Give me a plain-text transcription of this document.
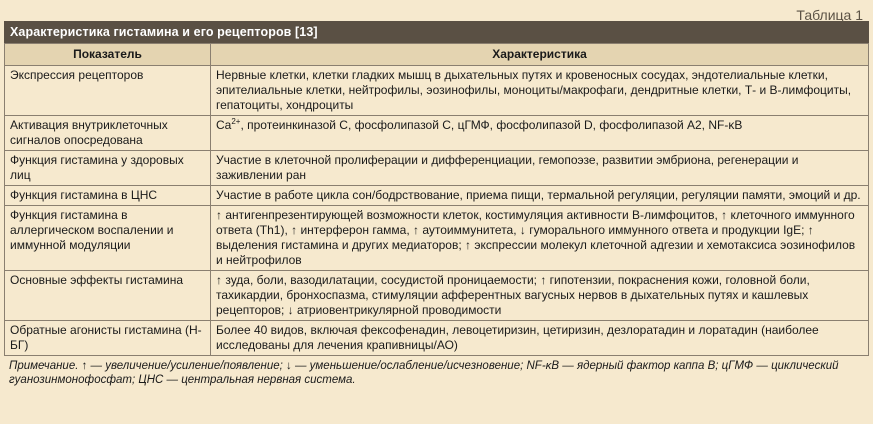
Таблица 1
Характеристика гистамина и его рецепторов [13]
Показатель	Характеристика
Экспрессия рецепторов	Нервные клетки, клетки гладких мышц в дыхательных путях и кровеносных сосудах, эндотелиальные клетки, эпителиальные клетки, нейтрофилы, эозинофилы, моноциты/макрофаги, дендритные клетки, Т- и В-лимфоциты, гепатоциты, хондроциты
Активация внутриклеточных сигналов опосредована	$Ca^{2+}$, протеинкиназой С, фосфолипазой С, цГМФ, фосфолипазой D, фосфолипазой А2, NF-κB
Функция гистамина у здоровых лиц	Участие в клеточной пролиферации и дифференциации, гемопоэзе, развитии эмбриона, регенерации и заживлении ран
Функция гистамина в ЦНС	Участие в работе цикла сон/бодрствование, приема пищи, термальной регуляции, регуляции памяти, эмоций и др.
Функция гистамина в аллергическом воспалении и иммунной модуляции	↑ антигенпрезентирующей возможности клеток, костимуляция активности В-лимфоцитов, ↑ клеточного иммунного ответа (Th1), ↑ интерферон гамма, ↑ аутоиммунитета, ↓ гуморального иммунного ответа и продукции IgE; ↑ выделения гистамина и других медиаторов; ↑ экспрессии молекул клеточной адгезии и хемотаксиса эозинофилов и нейтрофилов
Основные эффекты гистамина	↑ зуда, боли, вазодилатации, сосудистой проницаемости; ↑ гипотензии, покраснения кожи, головной боли, тахикардии, бронхоспазма, стимуляции афферентных вагусных нервов в дыхательных путях и кашлевых рецепторов; ↓ атриовентрикулярной проводимости
Обратные агонисты гистамина (Н-БГ)	Более 40 видов, включая фексофенадин, левоцетиризин, цетиризин, дезлоратадин и лоратадин (наиболее исследованы для лечения крапивницы/АО)
Примечание. ↑ — увеличение/усиление/появление; ↓ — уменьшение/ослабление/исчезновение; NF-κB — ядерный фактор каппа В; цГМФ — циклический гуанозинмонофосфат; ЦНС — центральная нервная система.
